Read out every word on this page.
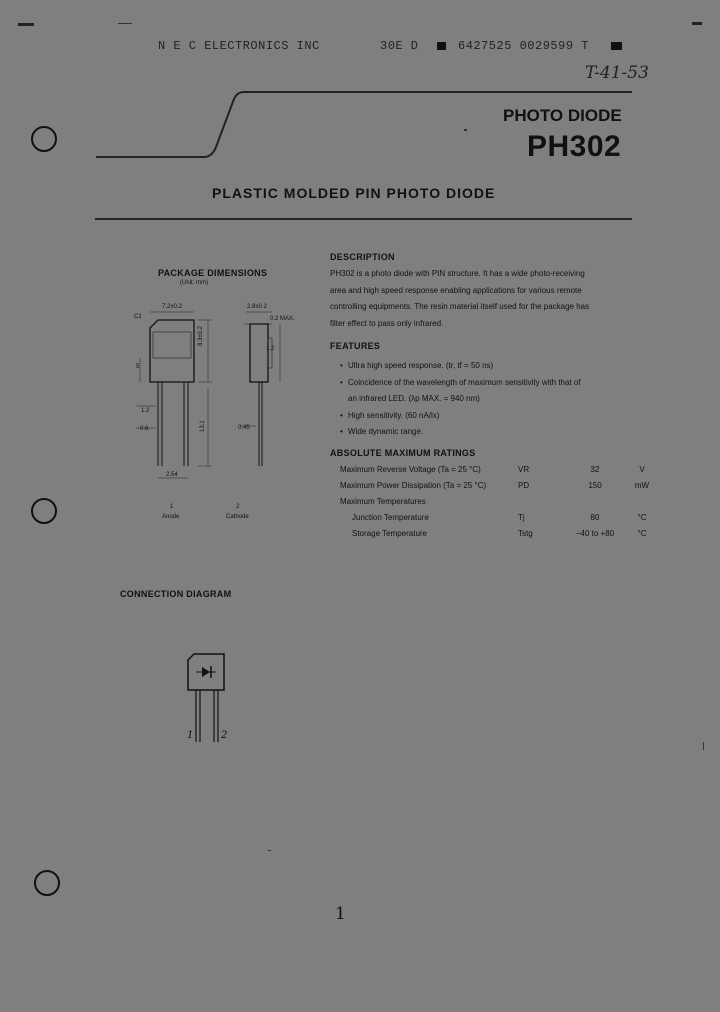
N E C ELECTRONICS INC	30E D	6427525 0029599 T
T-41-53
PHOTO DIODE
PH302
PLASTIC MOLDED PIN PHOTO DIODE
PACKAGE DIMENSIONS
(Unit: mm)
7.2±0.2	2.8±0.2
C1	0.2 MAX.
8.3±0.2
5
1.2
0.6	13.1	0.45
2.54
1	2
1.2
Anode	Cathode
DESCRIPTION
PH302 is a photo diode with PIN structure. It has a wide photo-receiving
area and high speed response enabling applications for various remote
controlling equipments. The resin material itself used for the package has
filter effect to pass only infrared.
FEATURES
• Ultra high speed response. (tr, tf = 50 ns)
• Coincidence of the wavelength of maximum sensitivity with that of
an infrared LED. (λp MAX. = 940 nm)
• High sensitivity. (60 nA/lx)
• Wide dynamic range.
ABSOLUTE MAXIMUM RATINGS
Maximum Reverse Voltage (Ta = 25 °C)	VR	32	V
Maximum Power Dissipation (Ta = 25 °C)	PD	150	mW
Maximum Temperatures			
Junction Temperature	Tj	80	°C
Storage Temperature	Tstg	−40 to +80	°C
CONNECTION DIAGRAM
1	2
1
